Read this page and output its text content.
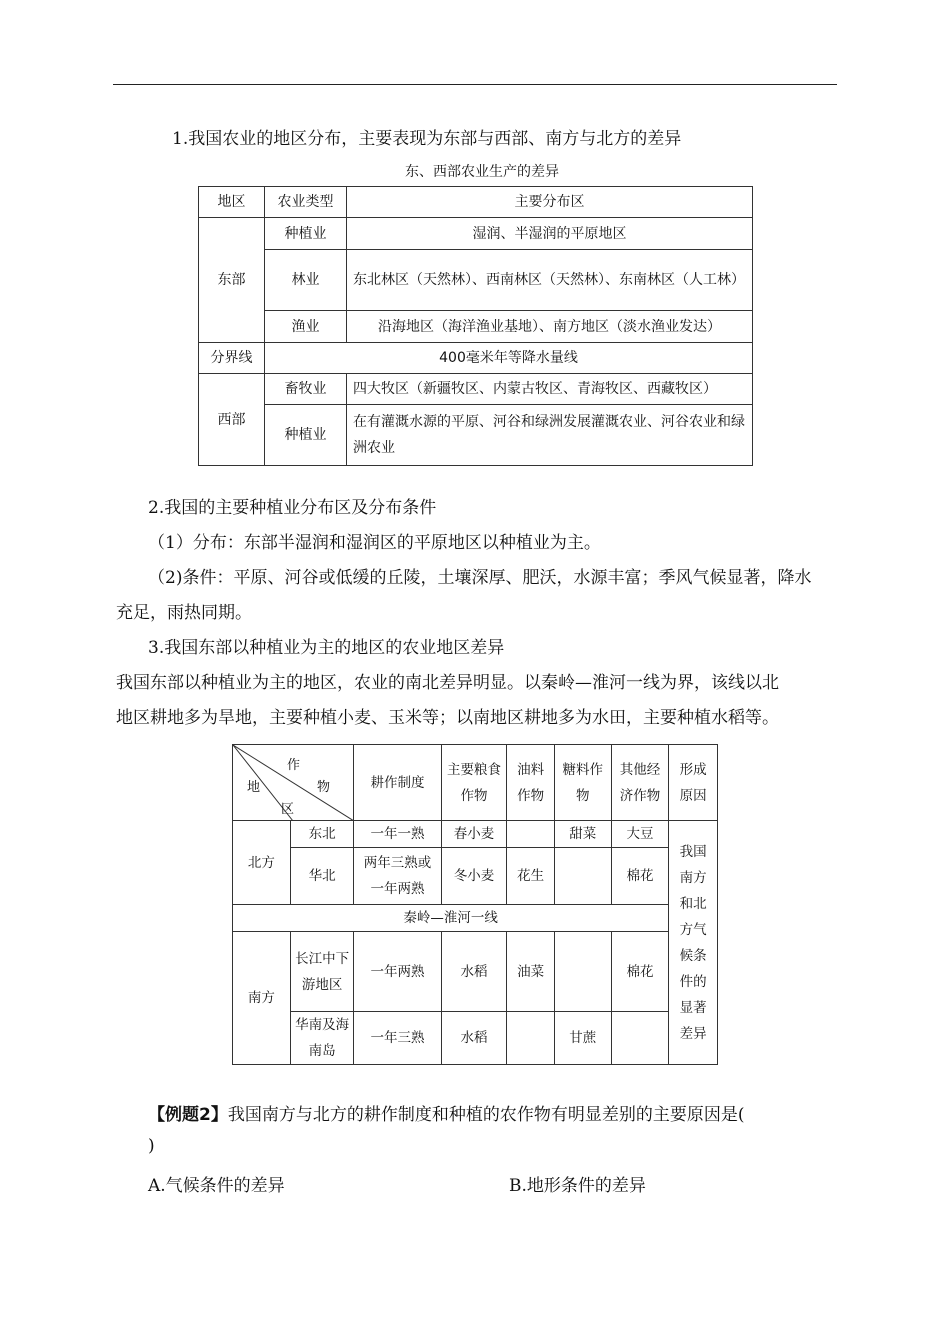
1.我国农业的地区分布，主要表现为东部与西部、南方与北方的差异
东、西部农业生产的差异
地区	农业类型	主要分布区
东部	种植业	湿润、半湿润的平原地区
	林业	东北林区（天然林）、西南林区（天然林）、东南林区（人工林）
	渔业	沿海地区（海洋渔业基地）、南方地区（淡水渔业发达）
分界线	400毫米年等降水量线	
西部	畜牧业	四大牧区（新疆牧区、内蒙古牧区、青海牧区、西藏牧区）
	种植业	在有灌溉水源的平原、河谷和绿洲发展灌溉农业、河谷农业和绿洲农业
2.我国的主要种植业分布区及分布条件
（1）分布：东部半湿润和湿润区的平原地区以种植业为主。
（2)条件：平原、河谷或低缓的丘陵，土壤深厚、肥沃，水源丰富；季风气候显著，降水
充足，雨热同期。
3.我国东部以种植业为主的地区的农业地区差异
我国东部以种植业为主的地区，农业的南北差异明显。以秦岭—淮河一线为界，该线以北
地区耕地多为旱地，主要种植小麦、玉米等；以南地区耕地多为水田，主要种植水稻等。
作
地 物
区		耕作制度	主要粮食作物	油料作物	糖料作物	其他经济作物	形成原因
北方	东北	一年一熟	春小麦		甜菜	大豆	我国南方和北方气候条件的显著差异
	华北	两年三熟或一年两熟	冬小麦	花生		棉花	
秦岭—淮河一线							
南方	长江中下游地区	一年两熟	水稻	油菜		棉花	
	华南及海南岛	一年三熟	水稻		甘蔗		
【例题2】我国南方与北方的耕作制度和种植的农作物有明显差别的主要原因是(
)
A.气候条件的差异	B.地形条件的差异
